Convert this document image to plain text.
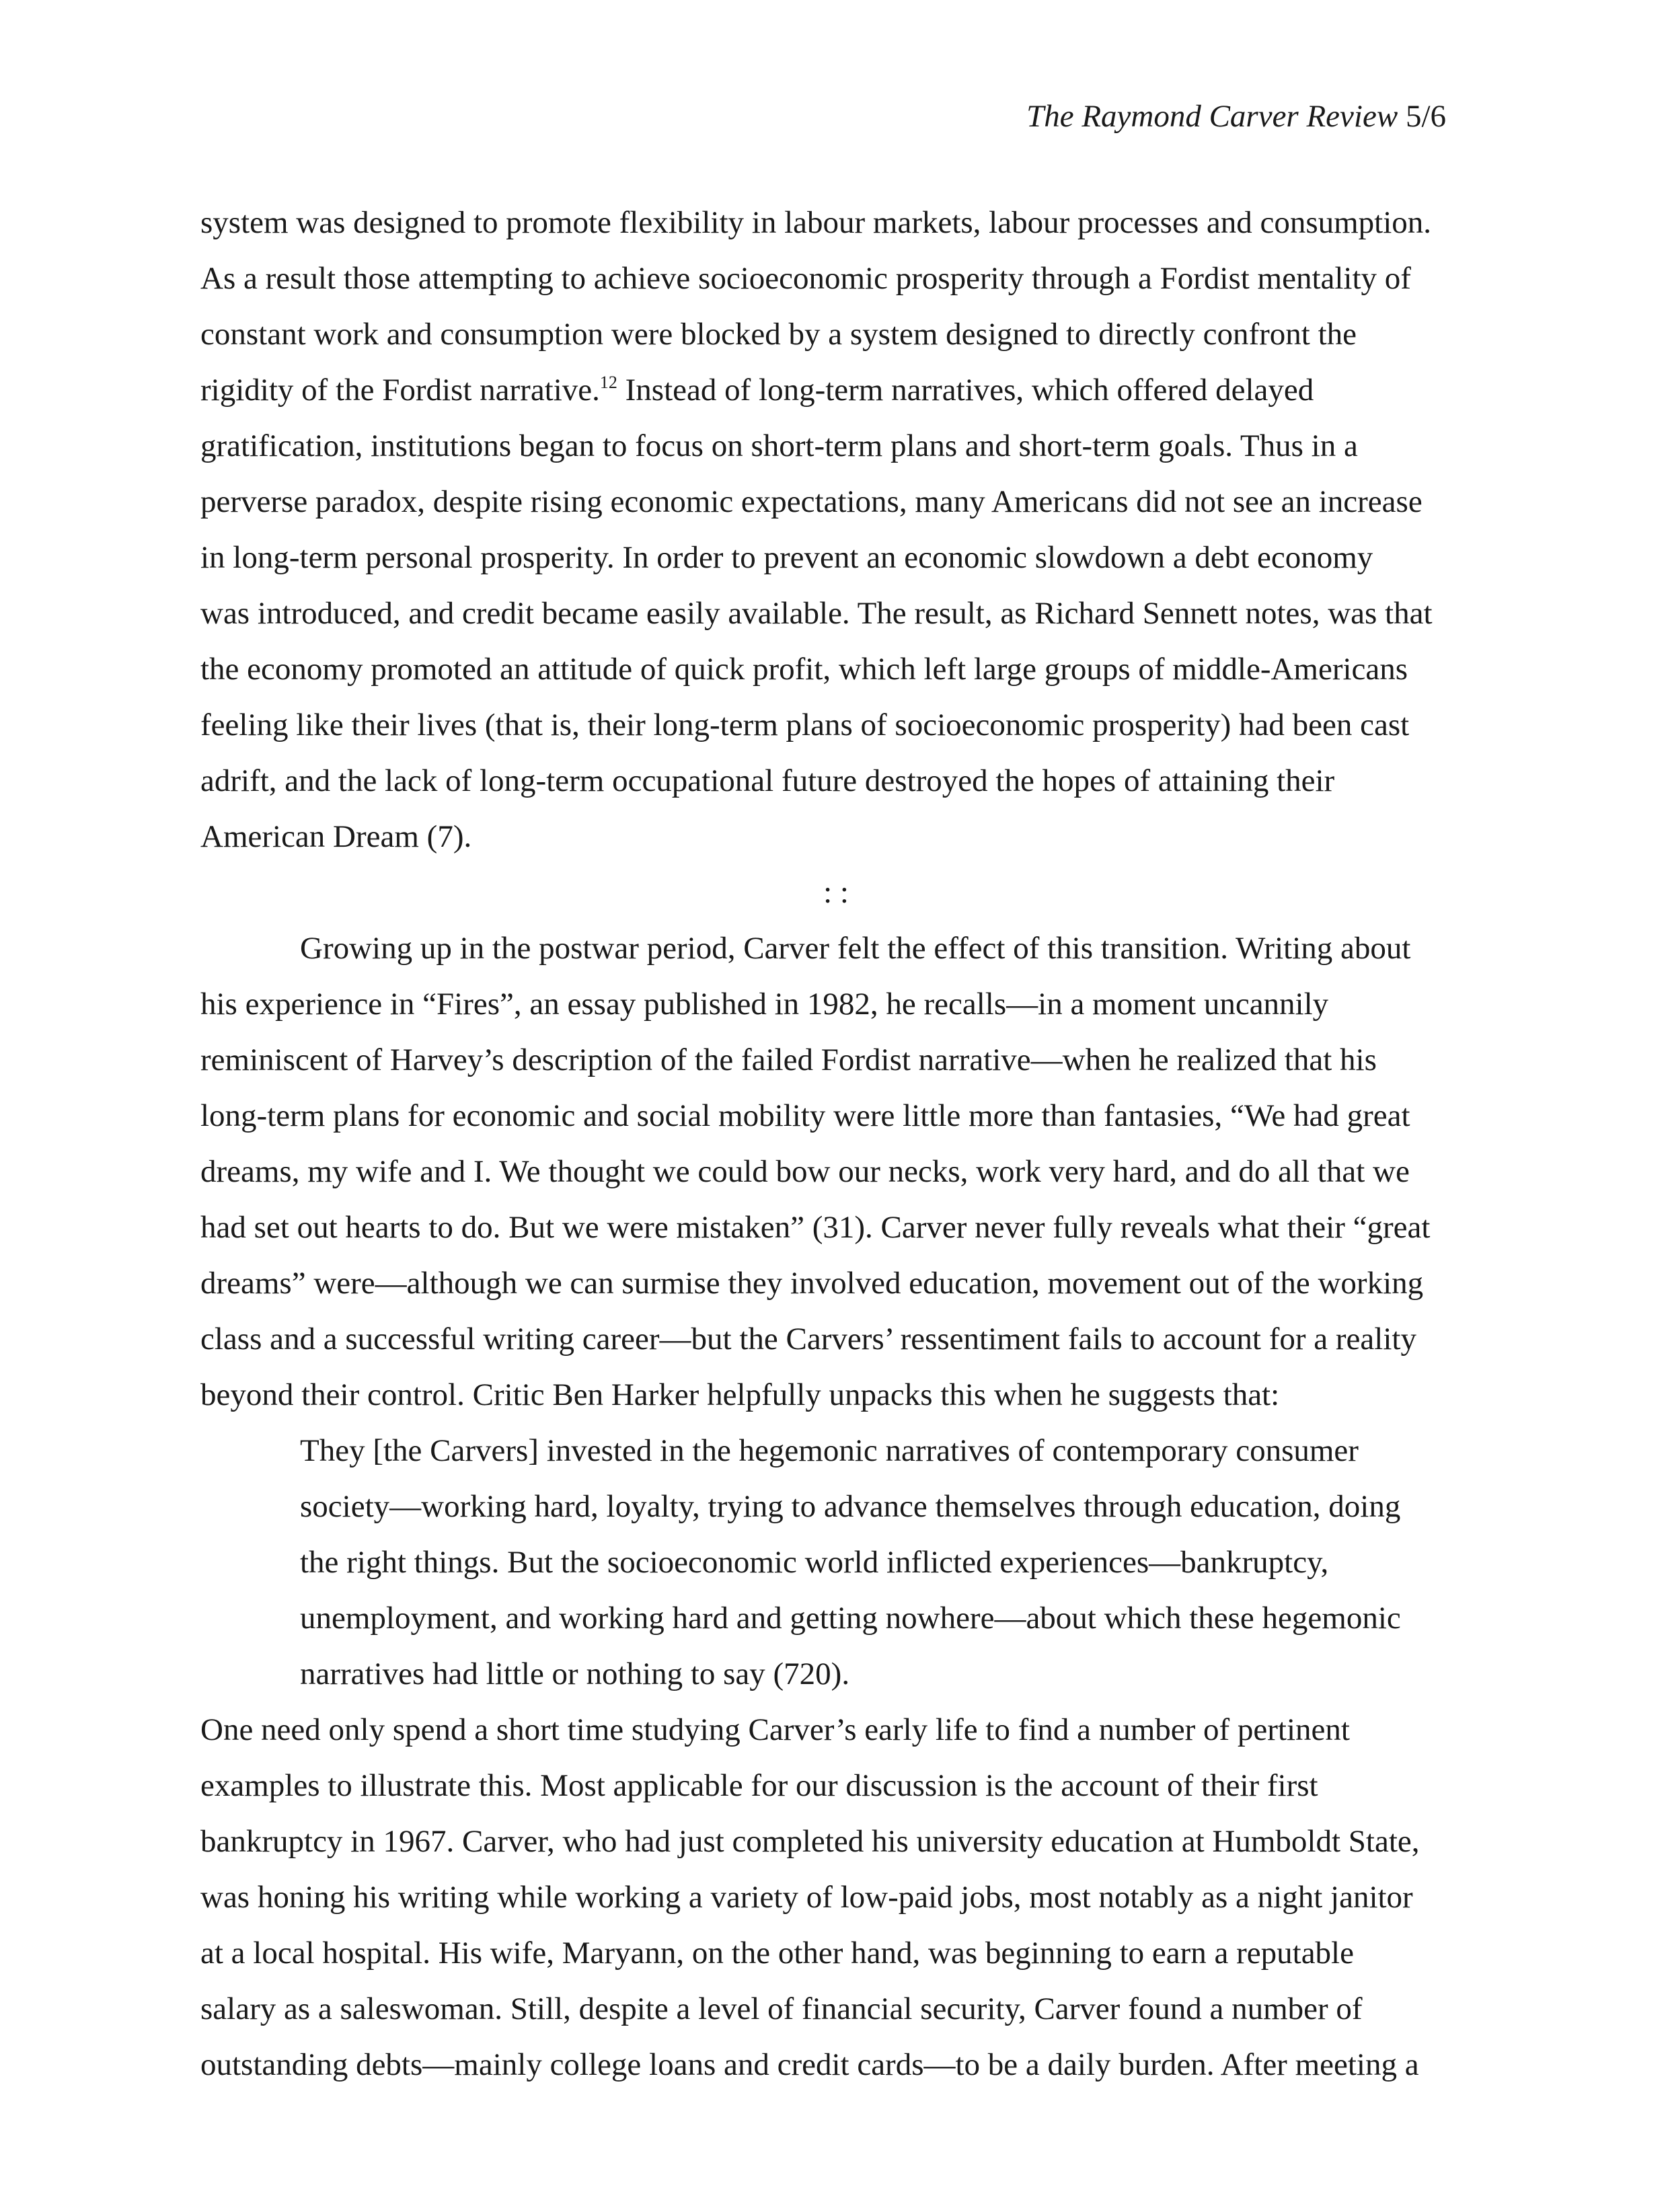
The Raymond Carver Review 5/6
system was designed to promote flexibility in labour markets, labour processes and consumption.
As a result those attempting to achieve socioeconomic prosperity through a Fordist mentality of
constant work and consumption were blocked by a system designed to directly confront the
rigidity of the Fordist narrative.$^{12}$ Instead of long-term narratives, which offered delayed
gratification, institutions began to focus on short-term plans and short-term goals. Thus in a
perverse paradox, despite rising economic expectations, many Americans did not see an increase
in long-term personal prosperity. In order to prevent an economic slowdown a debt economy
was introduced, and credit became easily available. The result, as Richard Sennett notes, was that
the economy promoted an attitude of quick profit, which left large groups of middle-Americans
feeling like their lives (that is, their long-term plans of socioeconomic prosperity) had been cast
adrift, and the lack of long-term occupational future destroyed the hopes of attaining their
American Dream (7).
: :
Growing up in the postwar period, Carver felt the effect of this transition. Writing about
his experience in “Fires”, an essay published in 1982, he recalls—in a moment uncannily
reminiscent of Harvey’s description of the failed Fordist narrative—when he realized that his
long-term plans for economic and social mobility were little more than fantasies, “We had great
dreams, my wife and I. We thought we could bow our necks, work very hard, and do all that we
had set out hearts to do. But we were mistaken” (31). Carver never fully reveals what their “great
dreams” were—although we can surmise they involved education, movement out of the working
class and a successful writing career—but the Carvers’ ressentiment fails to account for a reality
beyond their control. Critic Ben Harker helpfully unpacks this when he suggests that:
They [the Carvers] invested in the hegemonic narratives of contemporary consumer
society—working hard, loyalty, trying to advance themselves through education, doing
the right things. But the socioeconomic world inflicted experiences—bankruptcy,
unemployment, and working hard and getting nowhere—about which these hegemonic
narratives had little or nothing to say (720).
One need only spend a short time studying Carver’s early life to find a number of pertinent
examples to illustrate this. Most applicable for our discussion is the account of their first
bankruptcy in 1967. Carver, who had just completed his university education at Humboldt State,
was honing his writing while working a variety of low-paid jobs, most notably as a night janitor
at a local hospital. His wife, Maryann, on the other hand, was beginning to earn a reputable
salary as a saleswoman. Still, despite a level of financial security, Carver found a number of
outstanding debts—mainly college loans and credit cards—to be a daily burden. After meeting a
